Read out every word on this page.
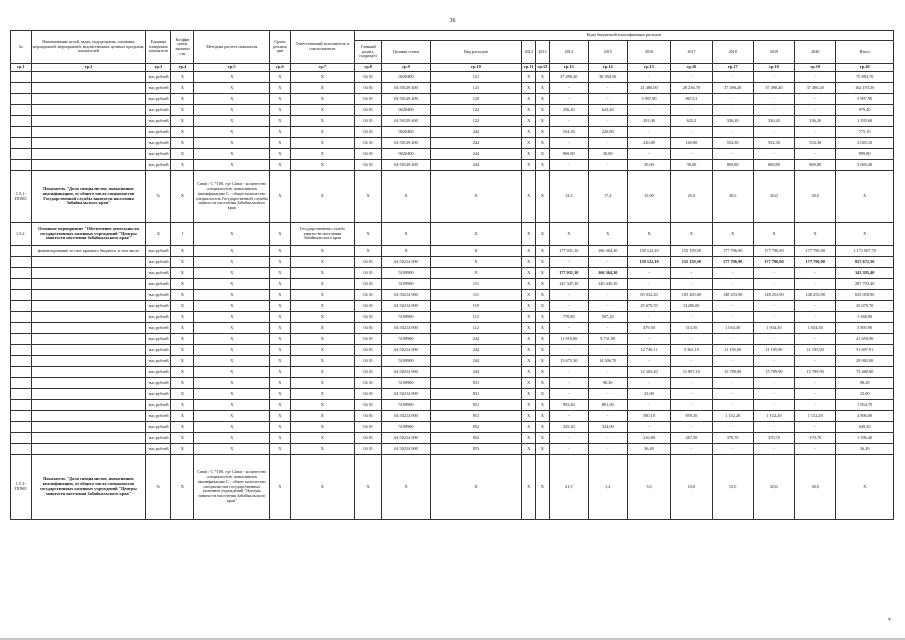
36
№	Наименование целей, задач, подпрограмм, основных мероприятий, мероприятий, ведомственных целевых программ, показателей	Единица измерения показателя	Коэффи циент значимо сти	Методика расчета показателя	Сроки реализа ции	Ответственный исполнитель и соисполнители	Коды бюджетной классификации расходов												
							Главный раздел, подраздел	Целевая статья	Вид расходов	2012	2013	2014	2015	2016	2017	2018	2019	2020	Итого
гр.1	гр.2	гр.3	гр.4	гр.5	гр.6	гр.7	гр.8	гр.9	гр.10	гр.11	гр.12	гр.13	гр.14	гр.15	гр.16	гр.17	гр.18	гр.19	гр.20
		тыс.рублей	X	X	X	X	04 01	0020400	121	X	X	37 490,20	38 394,50	-	-	-	-	-	75 884,70
		тыс.рублей	X	X	X	X	04 01	04 50129 400	121	X	X	-	-	21 486,00	28 236,70	37 490,20	37 490,20	37 490,20	162 193,30
		тыс.рублей	X	X	X	X	04 01	04 50129 400	129	X	X	-	-	5 997,90	8672,3	-	-	-	5 997,90
		тыс.рублей	X	X	X	X	04 01	0020400	122	X	X	356,20	623,20	-	-	-	-	-	979,40
		тыс.рублей	X	X	X	X	04 01	04 50129 400	122	X	X	-	-	291,00	625,2	336,20	336,20	336,20	1 335,60
		тыс.рублей	X	X	X	X	04 01	0020400	242	X	X	554,30	220,80	-	-	-	-	-	775,10
		тыс.рублей	X	X	X	X	04 01	04 50129 400	242	X	X	-	-	220,80	160,80	554,30	554,30	554,30	2 045,10
		тыс.рублей	X	X	X	X	04 01	0020400	244	X	X	869,80	30,00	-	-	-	-	-	899,80
		тыс.рублей	X	X	X	X	04 01	04 50129 400	244	X	X	-	-	30,00	30,00	869,80	869,80	869,80	2 669,40
1.5.1-ПОМ1	Показатель "Доля специалистов, повысивших квалификацию, от общего числа специалистов Государственной службы занятости населения Забайкальского края"	%	X	Скваi / С *100, где Скваi - количество специалистов, повысивших квалификацию С - общее количество специалистов Государственной службы занятости населения Забайкальского края	X	X	X	X	X	X	X	13,3	17,4	15,90	25,0	30,0	30,0	30,0	X
1.5.2.	Основное мероприятие "Обеспечение деятельности государственных казенных учреждений "Центры занятости населения Забайкальского края"	X	1	X	X	Государственная служба занятости населения Забайкальского края	X	X	X	X	X	X	X	X	X	X	X	X	X
	финансирование за счет краевого бюджета, в том числе	тыс.рублей	X	X	X	X	X	X	X	X	X	177 031,10	166 364,30	139 122,10	155 159,50	177 796,90	177 796,90	177 796,90	1 171 067,70
		тыс.рублей	X	X	X	X	04 01	04 50214 900	X	X	X	-	-	139 122,10	155 159,50	177 796,90	177 796,90	177 796,90	827 672,30
		тыс.рублей	X	X	X	X	04 01	5109900	X	X	X	177 031,10	166 364,30	-	-	-	-	-	343 395,40
		тыс.рублей	X	X	X	X	04 01	5109900	111	X	X	147 347,30	140 445,10	-	-	-	-	-	287 792,40
		тыс.рублей	X	X	X	X	04 01	04 50214 900	111	X	X	-	-	85 032,20	105 265,00	148 253,90	148 253,90	148 253,90	635 058,90
		тыс.рублей	X	X	X	X	04 01	04 50214 900	119	X	X	-	-	25 679,70	31286,00	-	-	-	25 679,70
		тыс.рублей	X	X	X	X	04 01	5109900	112	X	X	770,80	597,20	-	-	-	-	-	1 368,00
		тыс.рублей	X	X	X	X	04 01	04 50214 900	112	X	X	-	-	479,50	313,50	1 034,30	1 034,30	1 034,30	3 895,90
		тыс.рублей	X	X	X	X	04 01	5109900	242	X	X	11 919,00	9 731,90	-	-	-	-	-	21 650,90
		тыс.рублей	X	X	X	X	04 01	04 50214 900	242	X	X	-	-	12 749,11	5 361,10	11 195,90	11 195,90	11 195,90	51 697,91
		тыс.рублей	X	X	X	X	04 01	5109900	244	X	X	15 675,30	14 306,70	-	-	-	-	-	29 982,00
		тыс.рублей	X	X	X	X	04 01	04 50214 900	244	X	X	-	-	14 303,20	11 807,10	15 789,90	15 789,90	15 789,90	73 480,00
		тыс.рублей	X	X	X	X	04 01	5109900	831	X	X	-	98,20	-	-	-	-	-	98,20
		тыс.рублей	X	X	X	X	04 01	04 50214 900	831	X	X	-	-	23,00	-	-	-	-	23,00
		тыс.рублей	X	X	X	X	04 01	5109900	851	X	X	993,40	861,30	-	-	-	-	-	1 854,70
		тыс.рублей	X	X	X	X	04 01	04 50214 900	851	X	X	-	-	580,10	859,30	1 152,20	1 152,20	1 152,20	4 896,00
		тыс.рублей	X	X	X	X	04 01	5109900	852	X	X	325,20	324,00	-	-	-	-	-	649,20
		тыс.рублей	X	X	X	X	04 01	04 50214 900	852	X	X	-	-	216,80	267,50	370,70	370,70	370,70	1 596,40
		тыс.рублей	X	X	X	X	04 01	04 50214 900	853	X	X	-	-	36,49	-	-	-	-	36,49
1.5.2-ПОМ1	Показатель "Доля специалистов, повысивших квалификацию, от общего числа специалистов государственных казенных учреждений "Центры занятости населения Забайкальского края"	%	X	Скваi / С *100, где Скваi - количество специалистов, повысивших квалификацию С - общее количество специалистов государственных казенных учреждений "Центры занятости населения Забайкальского края"	X	X	X	X	X	X	X	21,5	1,2	5,0	10,0	15,0	20,0	30,0	X
*
